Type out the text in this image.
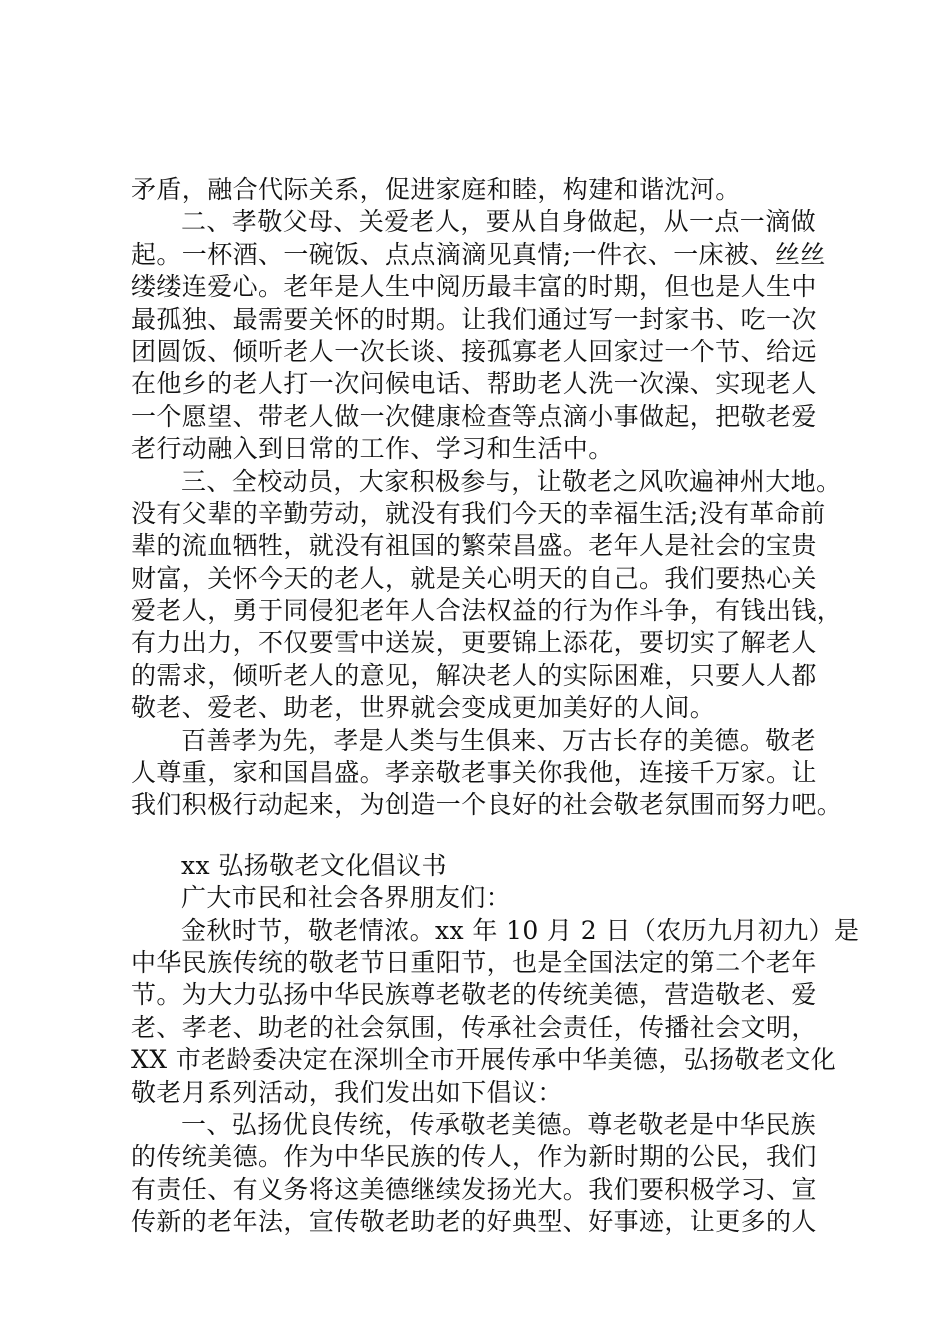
矛盾，融合代际关系，促进家庭和睦，构建和谐沈河。
二、孝敬父母、关爱老人，要从自身做起，从一点一滴做
起。一杯酒、一碗饭、点点滴滴见真情;一件衣、一床被、丝丝
缕缕连爱心。老年是人生中阅历最丰富的时期，但也是人生中
最孤独、最需要关怀的时期。让我们通过写一封家书、吃一次
团圆饭、倾听老人一次长谈、接孤寡老人回家过一个节、给远
在他乡的老人打一次问候电话、帮助老人洗一次澡、实现老人
一个愿望、带老人做一次健康检查等点滴小事做起，把敬老爱
老行动融入到日常的工作、学习和生活中。
三、全校动员，大家积极参与，让敬老之风吹遍神州大地。
没有父辈的辛勤劳动，就没有我们今天的幸福生活;没有革命前
辈的流血牺牲，就没有祖国的繁荣昌盛。老年人是社会的宝贵
财富，关怀今天的老人，就是关心明天的自己。我们要热心关
爱老人，勇于同侵犯老年人合法权益的行为作斗争，有钱出钱，
有力出力，不仅要雪中送炭，更要锦上添花，要切实了解老人
的需求，倾听老人的意见，解决老人的实际困难，只要人人都
敬老、爱老、助老，世界就会变成更加美好的人间。
百善孝为先，孝是人类与生俱来、万古长存的美德。敬老
人尊重，家和国昌盛。孝亲敬老事关你我他，连接千万家。让
我们积极行动起来，为创造一个良好的社会敬老氛围而努力吧。
xx 弘扬敬老文化倡议书
广大市民和社会各界朋友们：
金秋时节，敬老情浓。xx 年 10 月 2 日（农历九月初九）是
中华民族传统的敬老节日重阳节，也是全国法定的第二个老年
节。为大力弘扬中华民族尊老敬老的传统美德，营造敬老、爱
老、孝老、助老的社会氛围，传承社会责任，传播社会文明，
XX 市老龄委决定在深圳全市开展传承中华美德，弘扬敬老文化
敬老月系列活动，我们发出如下倡议：
一、弘扬优良传统，传承敬老美德。尊老敬老是中华民族
的传统美德。作为中华民族的传人，作为新时期的公民，我们
有责任、有义务将这美德继续发扬光大。我们要积极学习、宣
传新的老年法，宣传敬老助老的好典型、好事迹，让更多的人
